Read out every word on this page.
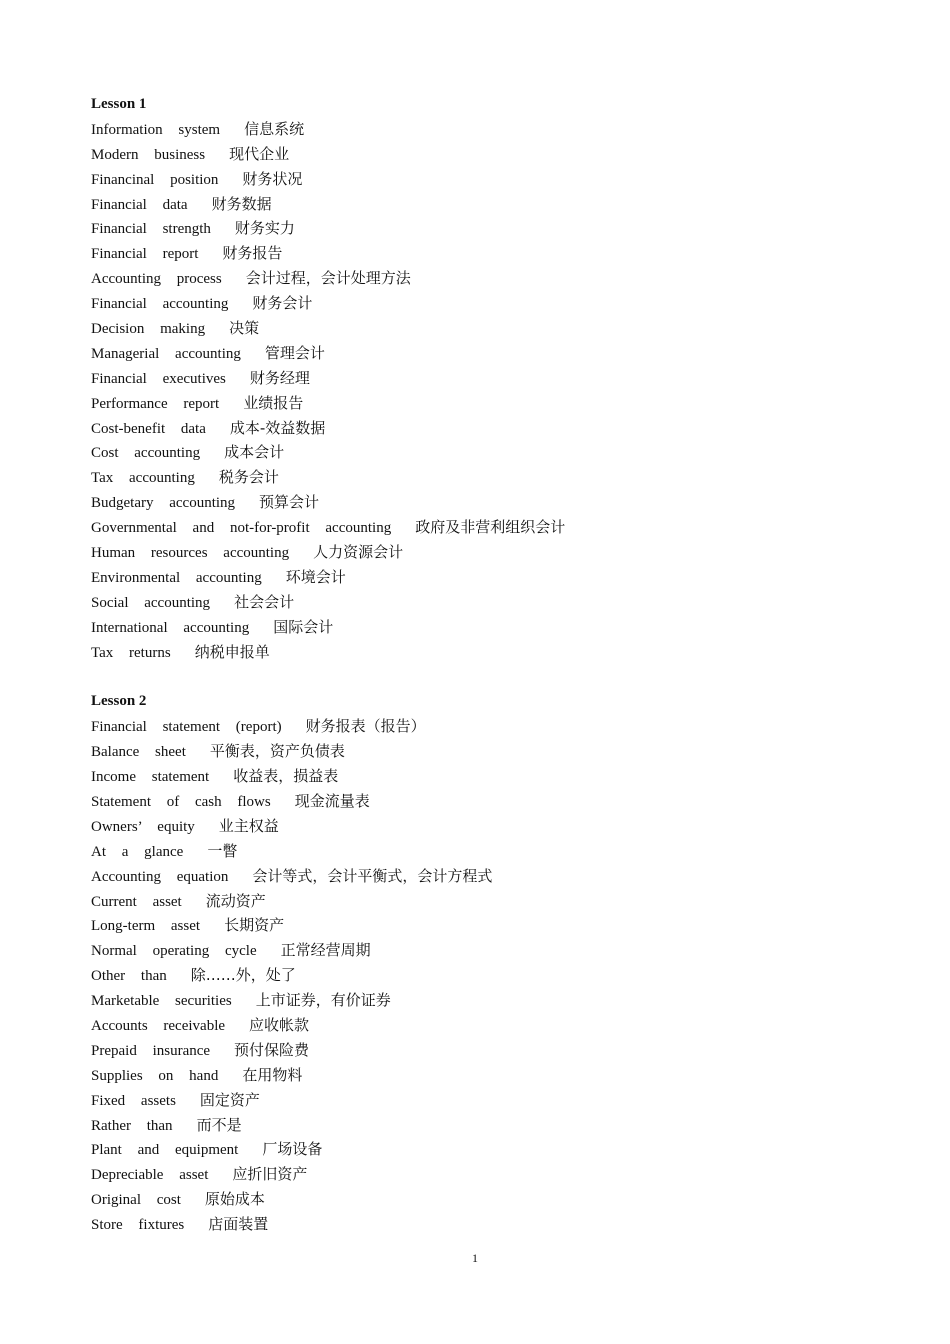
Lesson 1
Information system 信息系统
Modern business 现代企业
Financinal position 财务状况
Financial data 财务数据
Financial strength 财务实力
Financial report 财务报告
Accounting process 会计过程，会计处理方法
Financial accounting 财务会计
Decision making 决策
Managerial accounting 管理会计
Financial executives 财务经理
Performance report 业绩报告
Cost-benefit data 成本-效益数据
Cost accounting 成本会计
Tax accounting 税务会计
Budgetary accounting 预算会计
Governmental and not-for-profit accounting 政府及非营利组织会计
Human resources accounting 人力资源会计
Environmental accounting 环境会计
Social accounting 社会会计
International accounting 国际会计
Tax returns 纳税申报单
Lesson 2
Financial statement (report) 财务报表（报告）
Balance sheet 平衡表，资产负债表
Income statement 收益表，损益表
Statement of cash flows 现金流量表
Owners’ equity 业主权益
At a glance 一瞥
Accounting equation 会计等式，会计平衡式，会计方程式
Current asset 流动资产
Long-term asset 长期资产
Normal operating cycle 正常经营周期
Other than 除……外，处了
Marketable securities 上市证券，有价证券
Accounts receivable 应收帐款
Prepaid insurance 预付保险费
Supplies on hand 在用物料
Fixed assets 固定资产
Rather than 而不是
Plant and equipment 厂场设备
Depreciable asset 应折旧资产
Original cost 原始成本
Store fixtures 店面装置
1
